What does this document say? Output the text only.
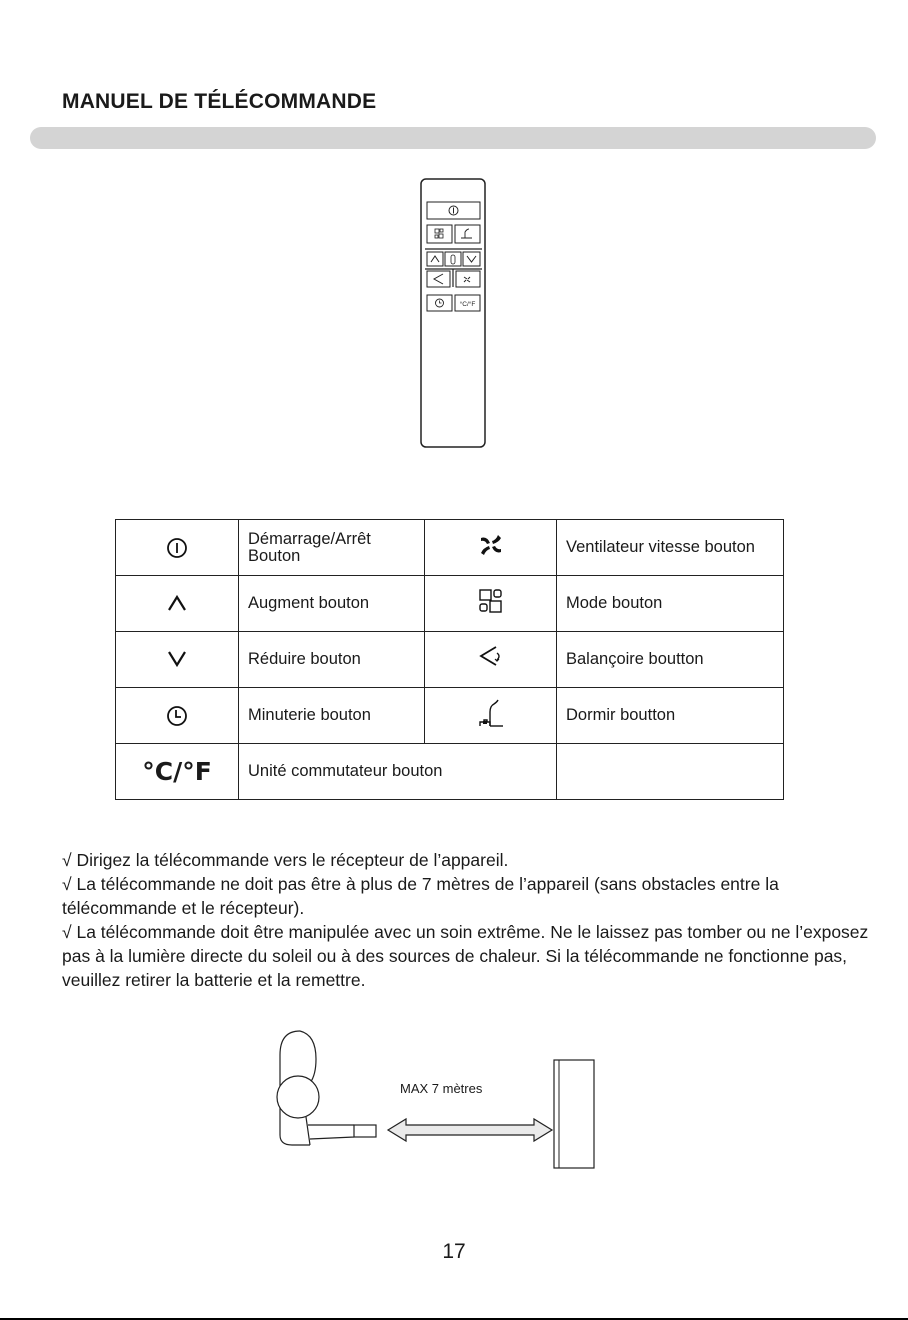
MANUEL DE TÉLÉCOMMANDE
°C/°F
	Démarrage/Arrêt
Bouton		Ventilateur vitesse bouton
	Augment bouton		Mode bouton
	Réduire bouton		Balançoire boutton
	Minuterie bouton		Dormir boutton
°C/°F	Unité commutateur bouton		

√ Dirigez la télécommande vers le récepteur de l’appareil.

√ La télécommande ne doit pas être à plus de 7 mètres de l’appareil (sans obstacles entre la télécommande et le récepteur).

√ La télécommande doit être manipulée avec un soin extrême. Ne le laissez pas tomber ou ne l’exposez pas à la lumière directe du soleil ou à des sources de chaleur. Si la télécommande ne fonctionne pas, veuillez retirer la batterie et la remettre.

MAX 7 mètres
17
